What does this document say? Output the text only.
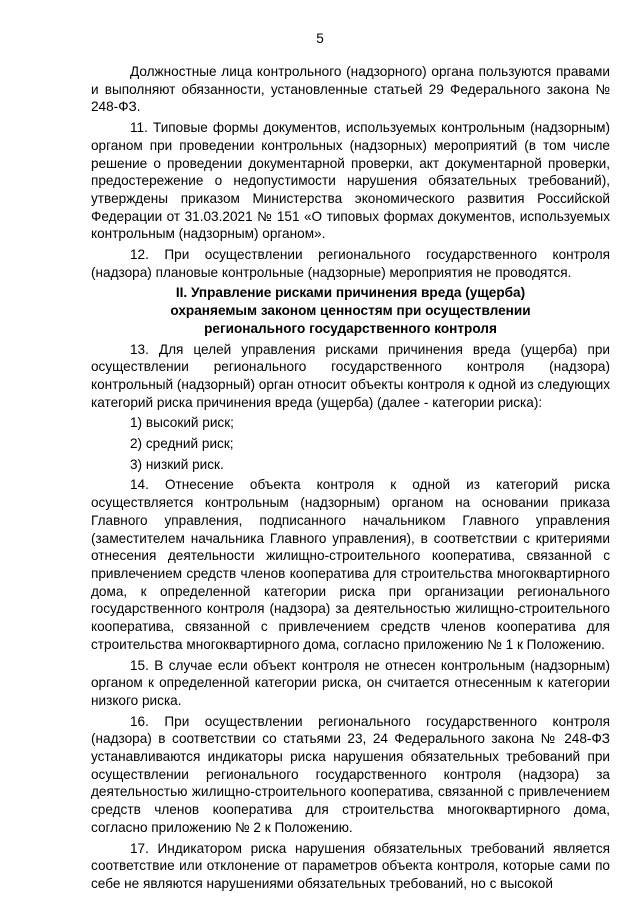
5

Должностные лица контрольного (надзорного) органа пользуются правами и выполняют обязанности, установленные статьей 29 Федерального закона № 248-ФЗ.

11. Типовые формы документов, используемых контрольным (надзорным) органом при проведении контрольных (надзорных) мероприятий (в том числе решение о проведении документарной проверки, акт документарной проверки, предостережение о недопустимости нарушения обязательных требований), утверждены приказом Министерства экономического развития Российской Федерации от 31.03.2021 № 151 «О типовых формах документов, используемых контрольным (надзорным) органом».

12. При осуществлении регионального государственного контроля (надзора) плановые контрольные (надзорные) мероприятия не проводятся.

II. Управление рисками причинения вреда (ущерба)
охраняемым законом ценностям при осуществлении
регионального государственного контроля

13. Для целей управления рисками причинения вреда (ущерба) при осуществлении регионального государственного контроля (надзора) контрольный (надзорный) орган относит объекты контроля к одной из следующих категорий риска причинения вреда (ущерба) (далее - категории риска):

1) высокий риск;
2) средний риск;
3) низкий риск.

14. Отнесение объекта контроля к одной из категорий риска осуществляется контрольным (надзорным) органом на основании приказа Главного управления, подписанного начальником Главного управления (заместителем начальника Главного управления), в соответствии с критериями отнесения деятельности жилищно-строительного кооператива, связанной с привлечением средств членов кооператива для строительства многоквартирного дома, к определенной категории риска при организации регионального государственного контроля (надзора) за деятельностью жилищно-строительного кооператива, связанной с привлечением средств членов кооператива для строительства многоквартирного дома, согласно приложению № 1 к Положению.

15. В случае если объект контроля не отнесен контрольным (надзорным) органом к определенной категории риска, он считается отнесенным к категории низкого риска.

16. При осуществлении регионального государственного контроля (надзора) в соответствии со статьями 23, 24 Федерального закона № 248-ФЗ устанавливаются индикаторы риска нарушения обязательных требований при осуществлении регионального государственного контроля (надзора) за деятельностью жилищно-строительного кооператива, связанной с привлечением средств членов кооператива для строительства многоквартирного дома, согласно приложению № 2 к Положению.

17. Индикатором риска нарушения обязательных требований является соответствие или отклонение от параметров объекта контроля, которые сами по себе не являются нарушениями обязательных требований, но с высокой
